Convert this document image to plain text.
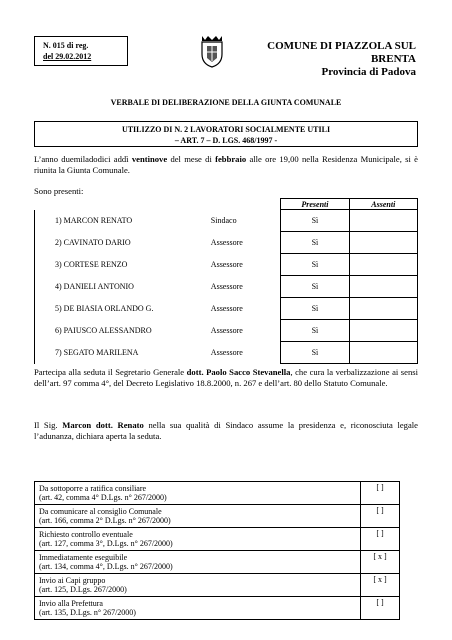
N. 015 di reg.
del 29.02.2012
COMUNE DI PIAZZOLA SUL BRENTA
Provincia di Padova
VERBALE DI DELIBERAZIONE DELLA GIUNTA COMUNALE
UTILIZZO DI N. 2 LAVORATORI SOCIALMENTE UTILI
– ART. 7 – D. LGS. 468/1997 -
L’anno duemiladodici addì ventinove del mese di febbraio alle ore 19,00 nella Residenza Municipale, si è riunita la Giunta Comunale.
Sono presenti:
		Presenti	Assenti
1) MARCON RENATO	Sindaco	Sì	
2) CAVINATO DARIO	Assessore	Sì	
3) CORTESE RENZO	Assessore	Sì	
4) DANIELI ANTONIO	Assessore	Sì	
5) DE BIASIA ORLANDO G.	Assessore	Sì	
6) PAIUSCO ALESSANDRO	Assessore	Sì	
7) SEGATO MARILENA	Assessore	Sì	
Partecipa alla seduta il Segretario Generale dott. Paolo Sacco Stevanella, che cura la verbalizzazione ai sensi dell’art. 97 comma 4°, del Decreto Legislativo 18.8.2000, n. 267 e dell’art. 80 dello Statuto Comunale.
Il Sig. Marcon dott. Renato nella sua qualità di Sindaco assume la presidenza e, riconosciuta legale l’adunanza, dichiara aperta la seduta.
Da sottoporre a ratifica consiliare
(art. 42, comma 4° D.Lgs. n° 267/2000)	[ ]
Da comunicare al consiglio Comunale
(art. 166, comma 2° D.Lgs. n° 267/2000)	[ ]
Richiesto controllo eventuale
(art. 127, comma 3°, D.Lgs. n° 267/2000)	[ ]
Immediatamente eseguibile
(art. 134, comma 4°, D.Lgs. n° 267/2000)	[ x ]
Invio ai Capi gruppo
(art. 125, D.Lgs. 267/2000)	[ x ]
Invio alla Prefettura
(art. 135, D.Lgs. n° 267/2000)	[ ]
